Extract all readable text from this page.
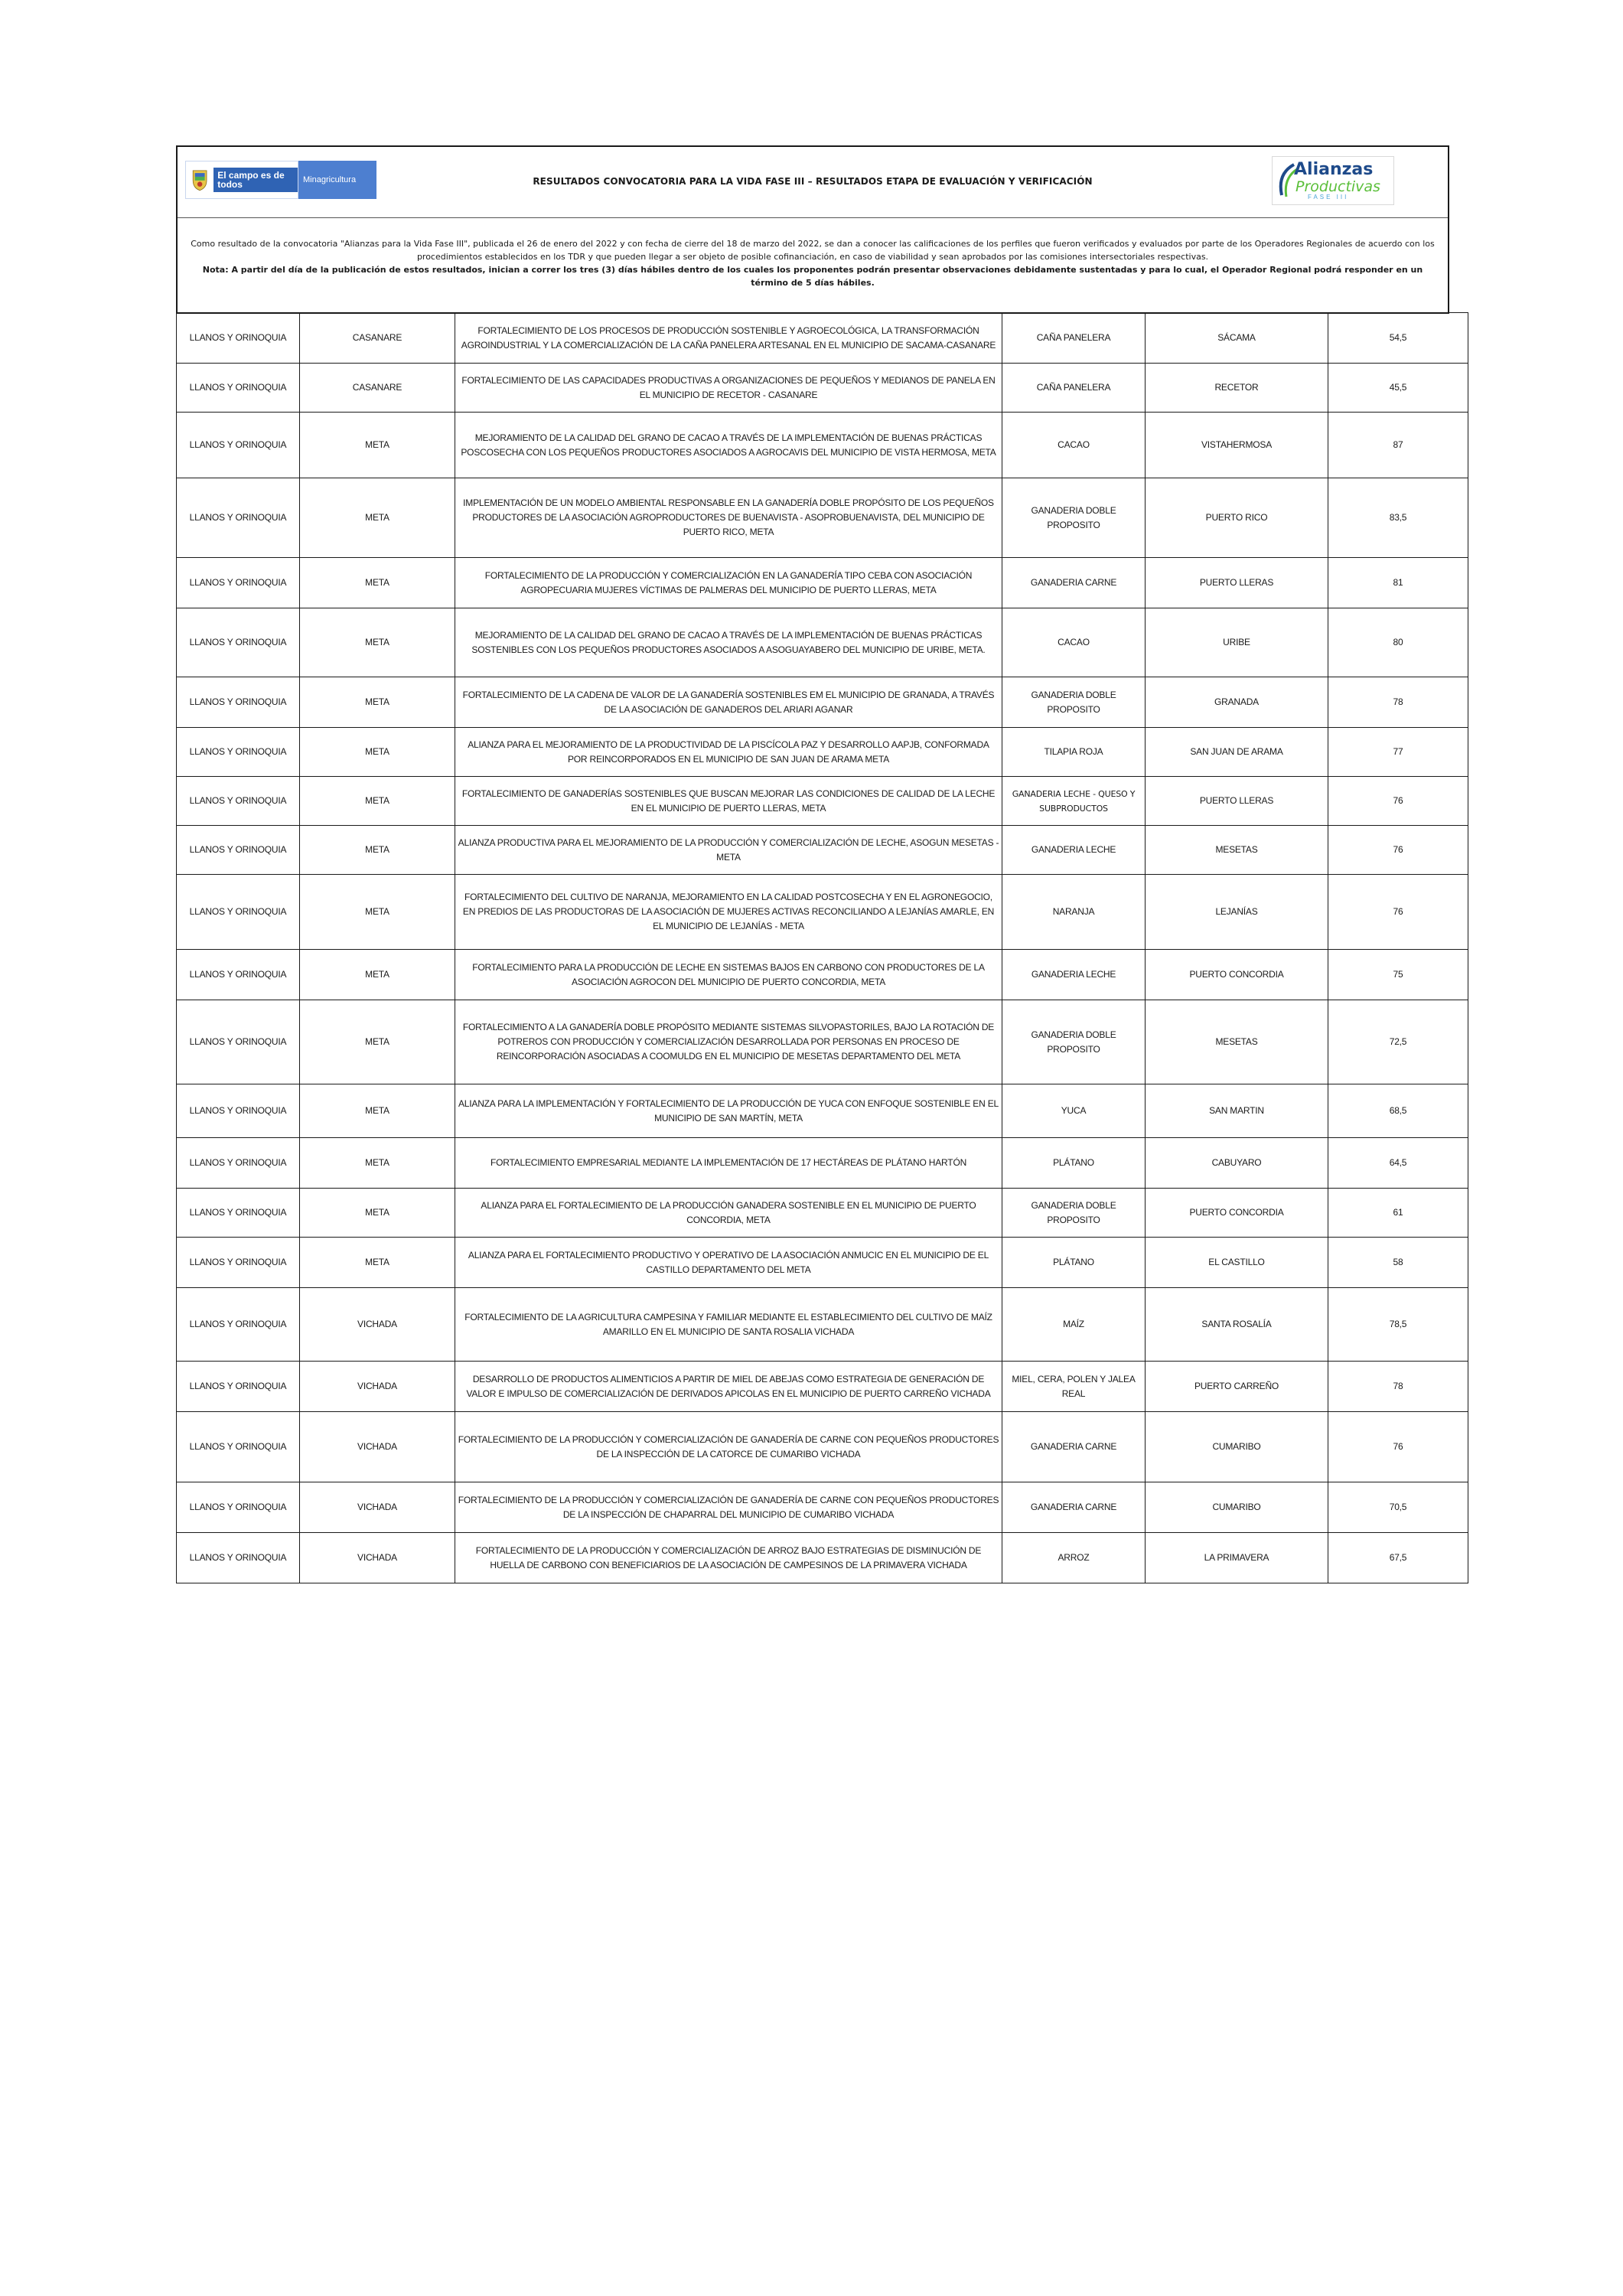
El campo es de todos	Minagricultura	RESULTADOS CONVOCATORIA PARA LA VIDA FASE III – RESULTADOS ETAPA DE EVALUACIÓN Y VERIFICACIÓN
Alianzas
Productivas
FASE III
Como resultado de la convocatoria "Alianzas para la Vida Fase III", publicada el 26 de enero del 2022 y con fecha de cierre del 18 de marzo del 2022, se dan a conocer las calificaciones de los perfiles que fueron verificados y evaluados por parte de los Operadores Regionales de acuerdo con los procedimientos establecidos en los TDR y que pueden llegar a ser objeto de posible cofinanciación, en caso de viabilidad y sean aprobados por las comisiones intersectoriales respectivas.
Nota: A partir del día de la publicación de estos resultados, inician a correr los tres (3) días hábiles dentro de los cuales los proponentes podrán presentar observaciones debidamente sustentadas y para lo cual, el Operador Regional podrá responder en un término de 5 días hábiles.
LLANOS Y ORINOQUIA	CASANARE	FORTALECIMIENTO DE LOS PROCESOS DE PRODUCCIÓN SOSTENIBLE Y AGROECOLÓGICA, LA TRANSFORMACIÓN AGROINDUSTRIAL Y LA COMERCIALIZACIÓN DE LA CAÑA PANELERA ARTESANAL EN EL MUNICIPIO DE SACAMA-CASANARE	CAÑA PANELERA	SÁCAMA	54,5
LLANOS Y ORINOQUIA	CASANARE	FORTALECIMIENTO DE LAS CAPACIDADES PRODUCTIVAS A ORGANIZACIONES DE PEQUEÑOS Y MEDIANOS DE PANELA EN EL MUNICIPIO DE RECETOR - CASANARE	CAÑA PANELERA	RECETOR	45,5
LLANOS Y ORINOQUIA	META	MEJORAMIENTO DE LA CALIDAD DEL GRANO DE CACAO A TRAVÉS DE LA IMPLEMENTACIÓN DE BUENAS PRÁCTICAS POSCOSECHA CON LOS PEQUEÑOS PRODUCTORES ASOCIADOS A AGROCAVIS DEL MUNICIPIO DE VISTA HERMOSA, META	CACAO	VISTAHERMOSA	87
LLANOS Y ORINOQUIA	META	IMPLEMENTACIÓN DE UN MODELO AMBIENTAL RESPONSABLE EN LA GANADERÍA DOBLE PROPÓSITO DE LOS PEQUEÑOS PRODUCTORES DE LA ASOCIACIÓN AGROPRODUCTORES DE BUENAVISTA - ASOPROBUENAVISTA, DEL MUNICIPIO DE PUERTO RICO, META	GANADERIA DOBLE PROPOSITO	PUERTO RICO	83,5
LLANOS Y ORINOQUIA	META	FORTALECIMIENTO DE LA PRODUCCIÓN Y COMERCIALIZACIÓN EN LA GANADERÍA TIPO CEBA CON ASOCIACIÓN AGROPECUARIA MUJERES VÍCTIMAS DE PALMERAS DEL MUNICIPIO DE PUERTO LLERAS, META	GANADERIA CARNE	PUERTO LLERAS	81
LLANOS Y ORINOQUIA	META	MEJORAMIENTO DE LA CALIDAD DEL GRANO DE CACAO A TRAVÉS DE LA IMPLEMENTACIÓN DE BUENAS PRÁCTICAS SOSTENIBLES CON LOS PEQUEÑOS PRODUCTORES ASOCIADOS A ASOGUAYABERO DEL MUNICIPIO DE URIBE, META.	CACAO	URIBE	80
LLANOS Y ORINOQUIA	META	FORTALECIMIENTO DE LA CADENA DE VALOR DE LA GANADERÍA SOSTENIBLES EM EL MUNICIPIO DE GRANADA, A TRAVÉS DE LA ASOCIACIÓN DE GANADEROS DEL ARIARI AGANAR	GANADERIA DOBLE PROPOSITO	GRANADA	78
LLANOS Y ORINOQUIA	META	ALIANZA PARA EL MEJORAMIENTO DE LA PRODUCTIVIDAD DE LA PISCÍCOLA PAZ Y DESARROLLO AAPJB, CONFORMADA POR REINCORPORADOS EN EL MUNICIPIO DE SAN JUAN DE ARAMA META	TILAPIA ROJA	SAN JUAN DE ARAMA	77
LLANOS Y ORINOQUIA	META	FORTALECIMIENTO DE GANADERÍAS SOSTENIBLES QUE BUSCAN MEJORAR LAS CONDICIONES DE CALIDAD DE LA LECHE EN EL MUNICIPIO DE PUERTO LLERAS, META	GANADERIA LECHE - QUESO Y SUBPRODUCTOS	PUERTO LLERAS	76
LLANOS Y ORINOQUIA	META	ALIANZA PRODUCTIVA PARA EL MEJORAMIENTO DE LA PRODUCCIÓN Y COMERCIALIZACIÓN DE LECHE, ASOGUN MESETAS - META	GANADERIA LECHE	MESETAS	76
LLANOS Y ORINOQUIA	META	FORTALECIMIENTO DEL CULTIVO DE NARANJA, MEJORAMIENTO EN LA CALIDAD POSTCOSECHA Y EN EL AGRONEGOCIO, EN PREDIOS DE LAS PRODUCTORAS DE LA ASOCIACIÓN DE MUJERES ACTIVAS RECONCILIANDO A LEJANÍAS AMARLE, EN EL MUNICIPIO DE LEJANÍAS - META	NARANJA	LEJANÍAS	76
LLANOS Y ORINOQUIA	META	FORTALECIMIENTO PARA LA PRODUCCIÓN DE LECHE EN SISTEMAS BAJOS EN CARBONO CON PRODUCTORES DE LA ASOCIACIÓN AGROCON DEL MUNICIPIO DE PUERTO CONCORDIA, META	GANADERIA LECHE	PUERTO CONCORDIA	75
LLANOS Y ORINOQUIA	META	FORTALECIMIENTO A LA GANADERÍA DOBLE PROPÓSITO MEDIANTE SISTEMAS SILVOPASTORILES, BAJO LA ROTACIÓN DE POTREROS CON PRODUCCIÓN Y COMERCIALIZACIÓN DESARROLLADA POR PERSONAS EN PROCESO DE REINCORPORACIÓN ASOCIADAS A COOMULDG EN EL MUNICIPIO DE MESETAS DEPARTAMENTO DEL META	GANADERIA DOBLE PROPOSITO	MESETAS	72,5
LLANOS Y ORINOQUIA	META	ALIANZA PARA LA IMPLEMENTACIÓN Y FORTALECIMIENTO DE LA PRODUCCIÓN DE YUCA CON ENFOQUE SOSTENIBLE EN EL MUNICIPIO DE SAN MARTÍN, META	YUCA	SAN MARTIN	68,5
LLANOS Y ORINOQUIA	META	FORTALECIMIENTO EMPRESARIAL MEDIANTE LA IMPLEMENTACIÓN DE 17 HECTÁREAS DE PLÁTANO HARTÓN	PLÁTANO	CABUYARO	64,5
LLANOS Y ORINOQUIA	META	ALIANZA PARA EL FORTALECIMIENTO DE LA PRODUCCIÓN GANADERA SOSTENIBLE EN EL MUNICIPIO DE PUERTO CONCORDIA, META	GANADERIA DOBLE PROPOSITO	PUERTO CONCORDIA	61
LLANOS Y ORINOQUIA	META	ALIANZA PARA EL FORTALECIMIENTO PRODUCTIVO Y OPERATIVO DE LA ASOCIACIÓN ANMUCIC EN EL MUNICIPIO DE EL CASTILLO DEPARTAMENTO DEL META	PLÁTANO	EL CASTILLO	58
LLANOS Y ORINOQUIA	VICHADA	FORTALECIMIENTO DE LA AGRICULTURA CAMPESINA Y FAMILIAR MEDIANTE EL ESTABLECIMIENTO DEL CULTIVO DE MAÍZ AMARILLO EN EL MUNICIPIO DE SANTA ROSALIA VICHADA	MAÍZ	SANTA ROSALÍA	78,5
LLANOS Y ORINOQUIA	VICHADA	DESARROLLO DE PRODUCTOS ALIMENTICIOS A PARTIR DE MIEL DE ABEJAS COMO ESTRATEGIA DE GENERACIÓN DE VALOR E IMPULSO DE COMERCIALIZACIÓN DE DERIVADOS APICOLAS EN EL MUNICIPIO DE PUERTO CARREÑO VICHADA	MIEL, CERA, POLEN Y JALEA REAL	PUERTO CARREÑO	78
LLANOS Y ORINOQUIA	VICHADA	FORTALECIMIENTO DE LA PRODUCCIÓN Y COMERCIALIZACIÓN DE GANADERÍA DE CARNE CON PEQUEÑOS PRODUCTORES DE LA INSPECCIÓN DE LA CATORCE DE CUMARIBO VICHADA	GANADERIA CARNE	CUMARIBO	76
LLANOS Y ORINOQUIA	VICHADA	FORTALECIMIENTO DE LA PRODUCCIÓN Y COMERCIALIZACIÓN DE GANADERÍA DE CARNE CON PEQUEÑOS PRODUCTORES DE LA INSPECCIÓN DE CHAPARRAL DEL MUNICIPIO DE CUMARIBO VICHADA	GANADERIA CARNE	CUMARIBO	70,5
LLANOS Y ORINOQUIA	VICHADA	FORTALECIMIENTO DE LA PRODUCCIÓN Y COMERCIALIZACIÓN DE ARROZ BAJO ESTRATEGIAS DE DISMINUCIÓN DE HUELLA DE CARBONO CON BENEFICIARIOS DE LA ASOCIACIÓN DE CAMPESINOS DE LA PRIMAVERA VICHADA	ARROZ	LA PRIMAVERA	67,5
